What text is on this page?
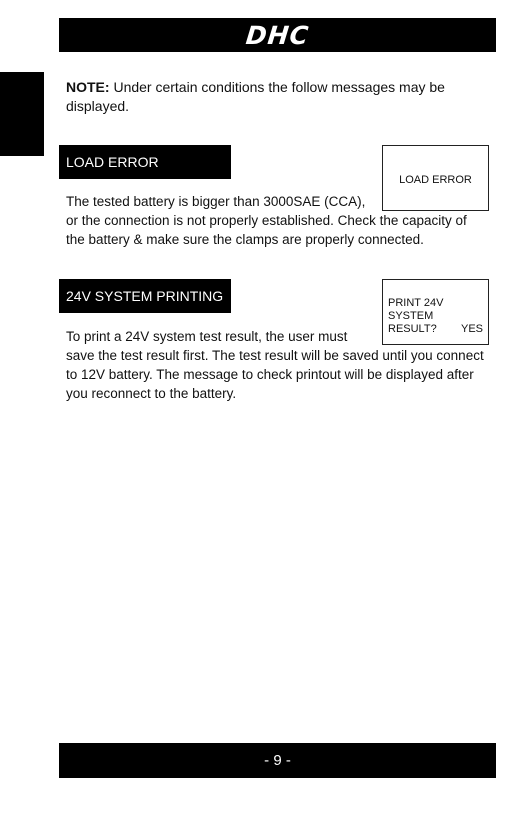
DHC
NOTE: Under certain conditions the follow messages may be displayed.
LOAD ERROR
LOAD ERROR
The tested battery is bigger than 3000SAE (CCA),
or the connection is not properly established. Check the capacity of
the battery & make sure the clamps are properly connected.
24V SYSTEM PRINTING	PRINT 24V SYSTEM
RESULT? YES
To print a 24V system test result, the user must
save the test result first. The test result will be saved until you connect
to 12V battery. The message to check printout will be displayed after
you reconnect to the battery.
- 9 -
